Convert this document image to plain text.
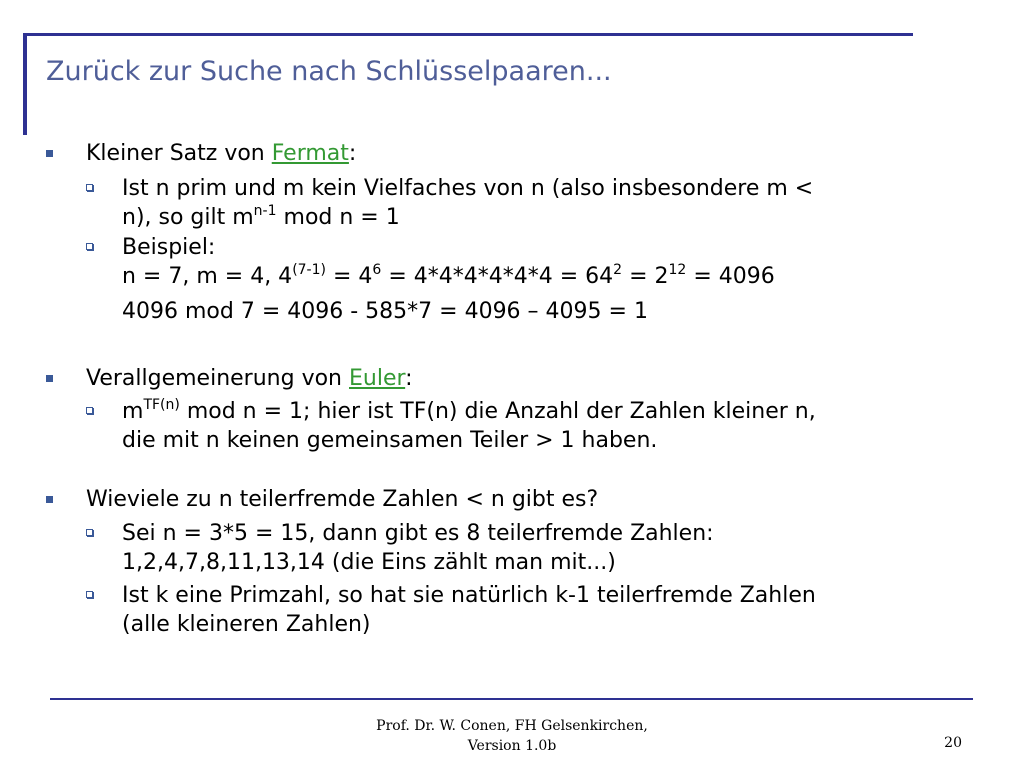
Zurück zur Suche nach Schlüsselpaaren...
Kleiner Satz von Fermat:
Ist n prim und m kein Vielfaches von n (also insbesondere m <
n), so gilt $m^{n-1}$ mod n = 1
Beispiel:
n = 7, m = 4, $4^{(7-1)} = 4^6 = 4*4*4*4*4*4 = 64^2 = 2^{12} = 4096$
4096 mod 7 = 4096 - 585*7 = 4096 – 4095 = 1
Verallgemeinerung von Euler:
$m^{TF(n)}$ mod n = 1; hier ist TF(n) die Anzahl der Zahlen kleiner n,
die mit n keinen gemeinsamen Teiler > 1 haben.
Wieviele zu n teilerfremde Zahlen < n gibt es?
Sei n = 3*5 = 15, dann gibt es 8 teilerfremde Zahlen:
1,2,4,7,8,11,13,14 (die Eins zählt man mit...)
Ist k eine Primzahl, so hat sie natürlich k-1 teilerfremde Zahlen
(alle kleineren Zahlen)
Prof. Dr. W. Conen, FH Gelsenkirchen,
Version 1.0b	20
